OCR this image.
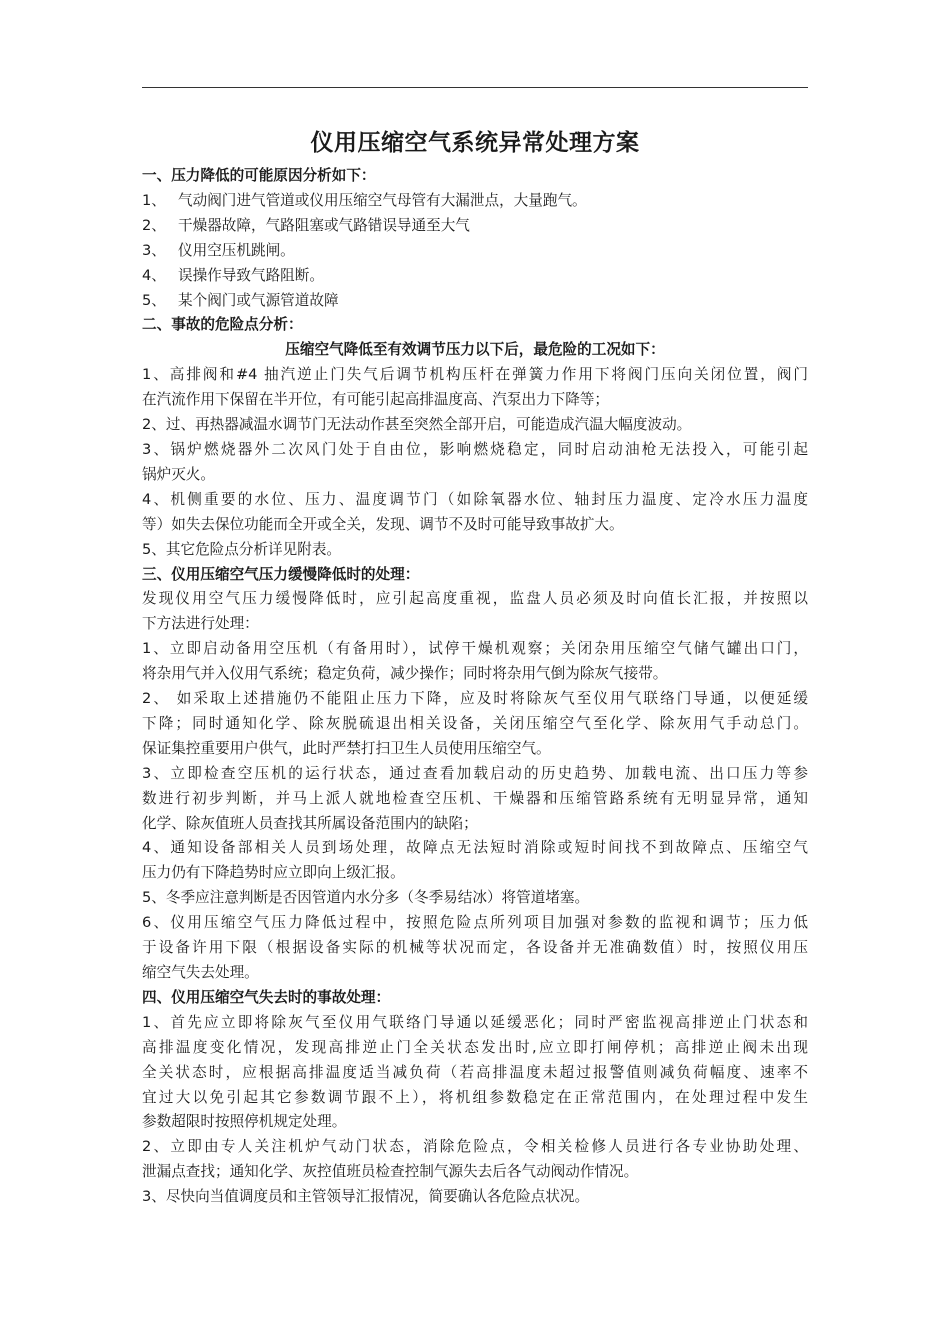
仪用压缩空气系统异常处理方案
一、压力降低的可能原因分析如下：
1、 气动阀门进气管道或仪用压缩空气母管有大漏泄点，大量跑气。
2、 干燥器故障，气路阻塞或气路错误导通至大气
3、 仪用空压机跳闸。
4、 误操作导致气路阻断。
5、 某个阀门或气源管道故障
二、事故的危险点分析：
压缩空气降低至有效调节压力以下后，最危险的工况如下：
1、高排阀和#4 抽汽逆止门失气后调节机构压杆在弹簧力作用下将阀门压向关闭位置，阀门
在汽流作用下保留在半开位，有可能引起高排温度高、汽泵出力下降等；
2、过、再热器减温水调节门无法动作甚至突然全部开启，可能造成汽温大幅度波动。
3、锅炉燃烧器外二次风门处于自由位，影响燃烧稳定，同时启动油枪无法投入，可能引起
锅炉灭火。
4、机侧重要的水位、压力、温度调节门（如除氧器水位、轴封压力温度、定冷水压力温度
等）如失去保位功能而全开或全关，发现、调节不及时可能导致事故扩大。
5、其它危险点分析详见附表。
三、仪用压缩空气压力缓慢降低时的处理：
发现仪用空气压力缓慢降低时，应引起高度重视，监盘人员必须及时向值长汇报，并按照以
下方法进行处理：
1、立即启动备用空压机（有备用时），试停干燥机观察；关闭杂用压缩空气储气罐出口门，
将杂用气并入仪用气系统；稳定负荷，减少操作；同时将杂用气倒为除灰气接带。
2、 如采取上述措施仍不能阻止压力下降，应及时将除灰气至仪用气联络门导通，以便延缓
下降；同时通知化学、除灰脱硫退出相关设备，关闭压缩空气至化学、除灰用气手动总门。
保证集控重要用户供气，此时严禁打扫卫生人员使用压缩空气。
3、立即检查空压机的运行状态，通过查看加载启动的历史趋势、加载电流、出口压力等参
数进行初步判断，并马上派人就地检查空压机、干燥器和压缩管路系统有无明显异常，通知
化学、除灰值班人员查找其所属设备范围内的缺陷；
4、通知设备部相关人员到场处理，故障点无法短时消除或短时间找不到故障点、压缩空气
压力仍有下降趋势时应立即向上级汇报。
5、冬季应注意判断是否因管道内水分多（冬季易结冰）将管道堵塞。
6、仪用压缩空气压力降低过程中，按照危险点所列项目加强对参数的监视和调节；压力低
于设备许用下限（根据设备实际的机械等状况而定，各设备并无准确数值）时，按照仪用压
缩空气失去处理。
四、仪用压缩空气失去时的事故处理：
1、首先应立即将除灰气至仪用气联络门导通以延缓恶化；同时严密监视高排逆止门状态和
高排温度变化情况，发现高排逆止门全关状态发出时,应立即打闸停机；高排逆止阀未出现
全关状态时，应根据高排温度适当减负荷（若高排温度未超过报警值则减负荷幅度、速率不
宜过大以免引起其它参数调节跟不上），将机组参数稳定在正常范围内，在处理过程中发生
参数超限时按照停机规定处理。
2、立即由专人关注机炉气动门状态，消除危险点，令相关检修人员进行各专业协助处理、
泄漏点查找；通知化学、灰控值班员检查控制气源失去后各气动阀动作情况。
3、尽快向当值调度员和主管领导汇报情况，简要确认各危险点状况。
